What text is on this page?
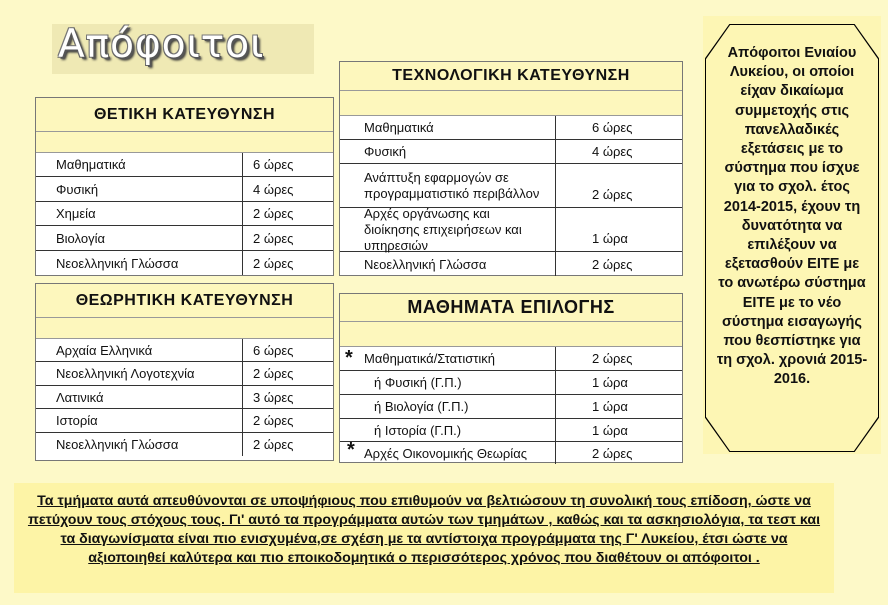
Απόφοιτοι
ΘΕΤΙΚΗ ΚΑΤΕΥΘΥΝΣΗ
Μαθηματικά	6 ώρες
Φυσική	4 ώρες
Χημεία	2 ώρες
Βιολογία	2 ώρες
Νεοελληνική Γλώσσα	2 ώρες
ΘΕΩΡΗΤΙΚΗ ΚΑΤΕΥΘΥΝΣΗ
Αρχαία Ελληνικά	6 ώρες
Νεοελληνική Λογοτεχνία	2 ώρες
Λατινικά	3 ώρες
Ιστορία	2 ώρες
Νεοελληνική Γλώσσα	2 ώρες
ΤΕΧΝΟΛΟΓΙΚΗ ΚΑΤΕΥΘΥΝΣΗ
Μαθηματικά	6 ώρες
Φυσική	4 ώρες
Ανάπτυξη εφαρμογών σε προγραμματιστικό περιβάλλον	2 ώρες
Αρχές οργάνωσης και διοίκησης επιχειρήσεων και υπηρεσιών	1 ώρα
Νεοελληνική Γλώσσα	2 ώρες
ΜΑΘΗΜΑΤΑ ΕΠΙΛΟΓΗΣ
Μαθηματικά/Στατιστική	2 ώρες
ή Φυσική (Γ.Π.)	1 ώρα
ή Βιολογία (Γ.Π.)	1 ώρα
ή Ιστορία (Γ.Π.)	1 ώρα
Αρχές Οικονομικής Θεωρίας	2 ώρες
*
*
Απόφοιτοι Ενιαίου Λυκείου, οι οποίοι είχαν δικαίωμα συμμετοχής στις πανελλαδικές εξετάσεις με το σύστημα που ίσχυε για το σχολ. έτος 2014-2015, έχουν τη δυνατότητα να επιλέξουν να εξετασθούν ΕΙΤΕ με το ανωτέρω σύστημα ΕΙΤΕ με το νέο σύστημα εισαγωγής που θεσπίστηκε για τη σχολ. χρονιά 2015- 2016.
Τα τμήματα αυτά απευθύνονται σε υποψήφιους που επιθυμούν να βελτιώσουν τη συνολική τους επίδοση, ώστε να πετύχουν τους στόχους τους. Γι' αυτό τα προγράμματα αυτών των τμημάτων , καθώς και τα ασκησιολόγια, τα τεστ και τα διαγωνίσματα είναι πιο ενισχυμένα,σε σχέση με τα αντίστοιχα προγράμματα της Γ' Λυκείου, έτσι ώστε να αξιοποιηθεί καλύτερα και πιο εποικοδομητικά ο περισσότερος χρόνος που διαθέτουν οι απόφοιτοι .
